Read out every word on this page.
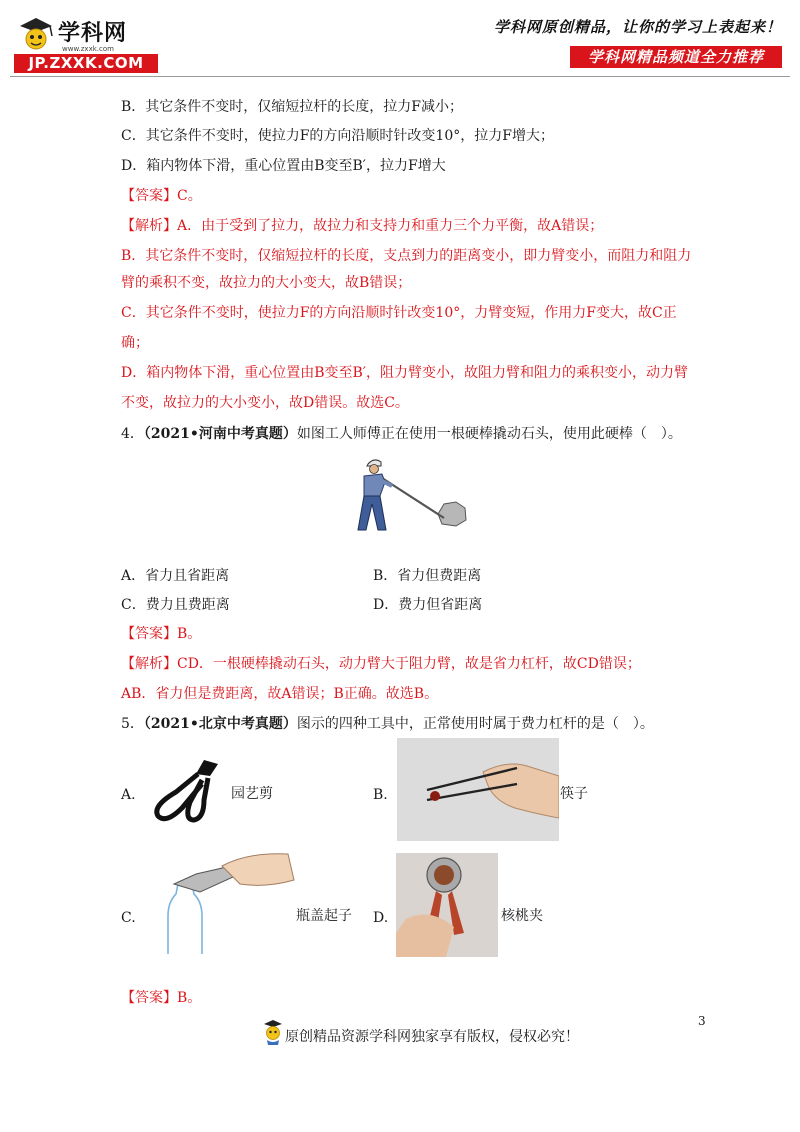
学科网
www.zxxk.com
JP.ZXXK.COM
学科网原创精品，让你的学习上表起来！
学科网精品频道全力推荐
B．其它条件不变时，仅缩短拉杆的长度，拉力F减小；
C．其它条件不变时，使拉力F的方向沿顺时针改变10°，拉力F增大；
D．箱内物体下滑，重心位置由B变至B′，拉力F增大
【答案】C。
【解析】A．由于受到了拉力，故拉力和支持力和重力三个力平衡，故A错误；
B．其它条件不变时，仅缩短拉杆的长度，支点到力的距离变小，即力臂变小，而阻力和阻力
臂的乘积不变，故拉力的大小变大，故B错误；
C．其它条件不变时，使拉力F的方向沿顺时针改变10°，力臂变短，作用力F变大，故C正
确；
D．箱内物体下滑，重心位置由B变至B′，阻力臂变小，故阻力臂和阻力的乘积变小，动力臂
不变，故拉力的大小变小，故D错误。故选C。
4．（2021•河南中考真题）如图工人师傅正在使用一根硬棒撬动石头，使用此硬棒（　）。
A．省力且省距离	B．省力但费距离
C．费力且费距离	D．费力但省距离
【答案】B。
【解析】CD．一根硬棒撬动石头，动力臂大于阻力臂，故是省力杠杆，故CD错误；
AB．省力但是费距离，故A错误；B正确。故选B。
5．（2021•北京中考真题）图示的四种工具中，正常使用时属于费力杠杆的是（　）。
A.	园艺剪	B.	筷子
C.	瓶盖起子 D.	核桃夹
【答案】B。
3
原创精品资源学科网独家享有版权，侵权必究！
